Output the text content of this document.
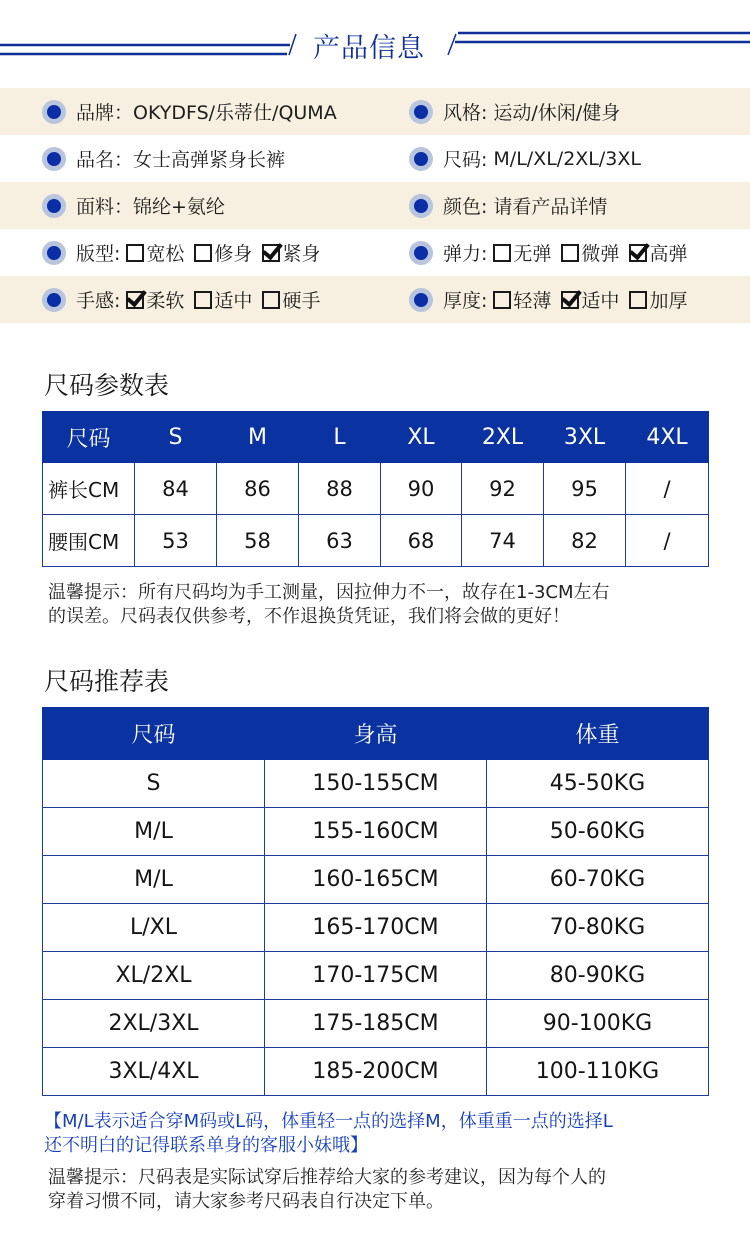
产品信息
品牌： OKYDFS/乐蒂仕/QUMA	风格: 运动/休闲/健身
品名： 女士高弹紧身长裤	尺码: M/L/XL/2XL/3XL
面料： 锦纶+氨纶	颜色: 请看产品详情
版型: 宽松 修身 紧身	弹力: 无弹 微弹 高弹
手感: 柔软 适中 硬手	厚度: 轻薄 适中 加厚
尺码参数表
尺码	S	M	L	XL	2XL	3XL	4XL
裤长CM	84	86	88	90	92	95	/
腰围CM	53	58	63	68	74	82	/
温馨提示：所有尺码均为手工测量，因拉伸力不一，故存在1-3CM左右
的误差。尺码表仅供参考，不作退换货凭证，我们将会做的更好！
尺码推荐表
尺码	身高	体重
S	150-155CM	45-50KG
M/L	155-160CM	50-60KG
M/L	160-165CM	60-70KG
L/XL	165-170CM	70-80KG
XL/2XL	170-175CM	80-90KG
2XL/3XL	175-185CM	90-100KG
3XL/4XL	185-200CM	100-110KG
【M/L表示适合穿M码或L码，体重轻一点的选择M，体重重一点的选择L
还不明白的记得联系单身的客服小妹哦】
温馨提示：尺码表是实际试穿后推荐给大家的参考建议，因为每个人的
穿着习惯不同，请大家参考尺码表自行决定下单。
